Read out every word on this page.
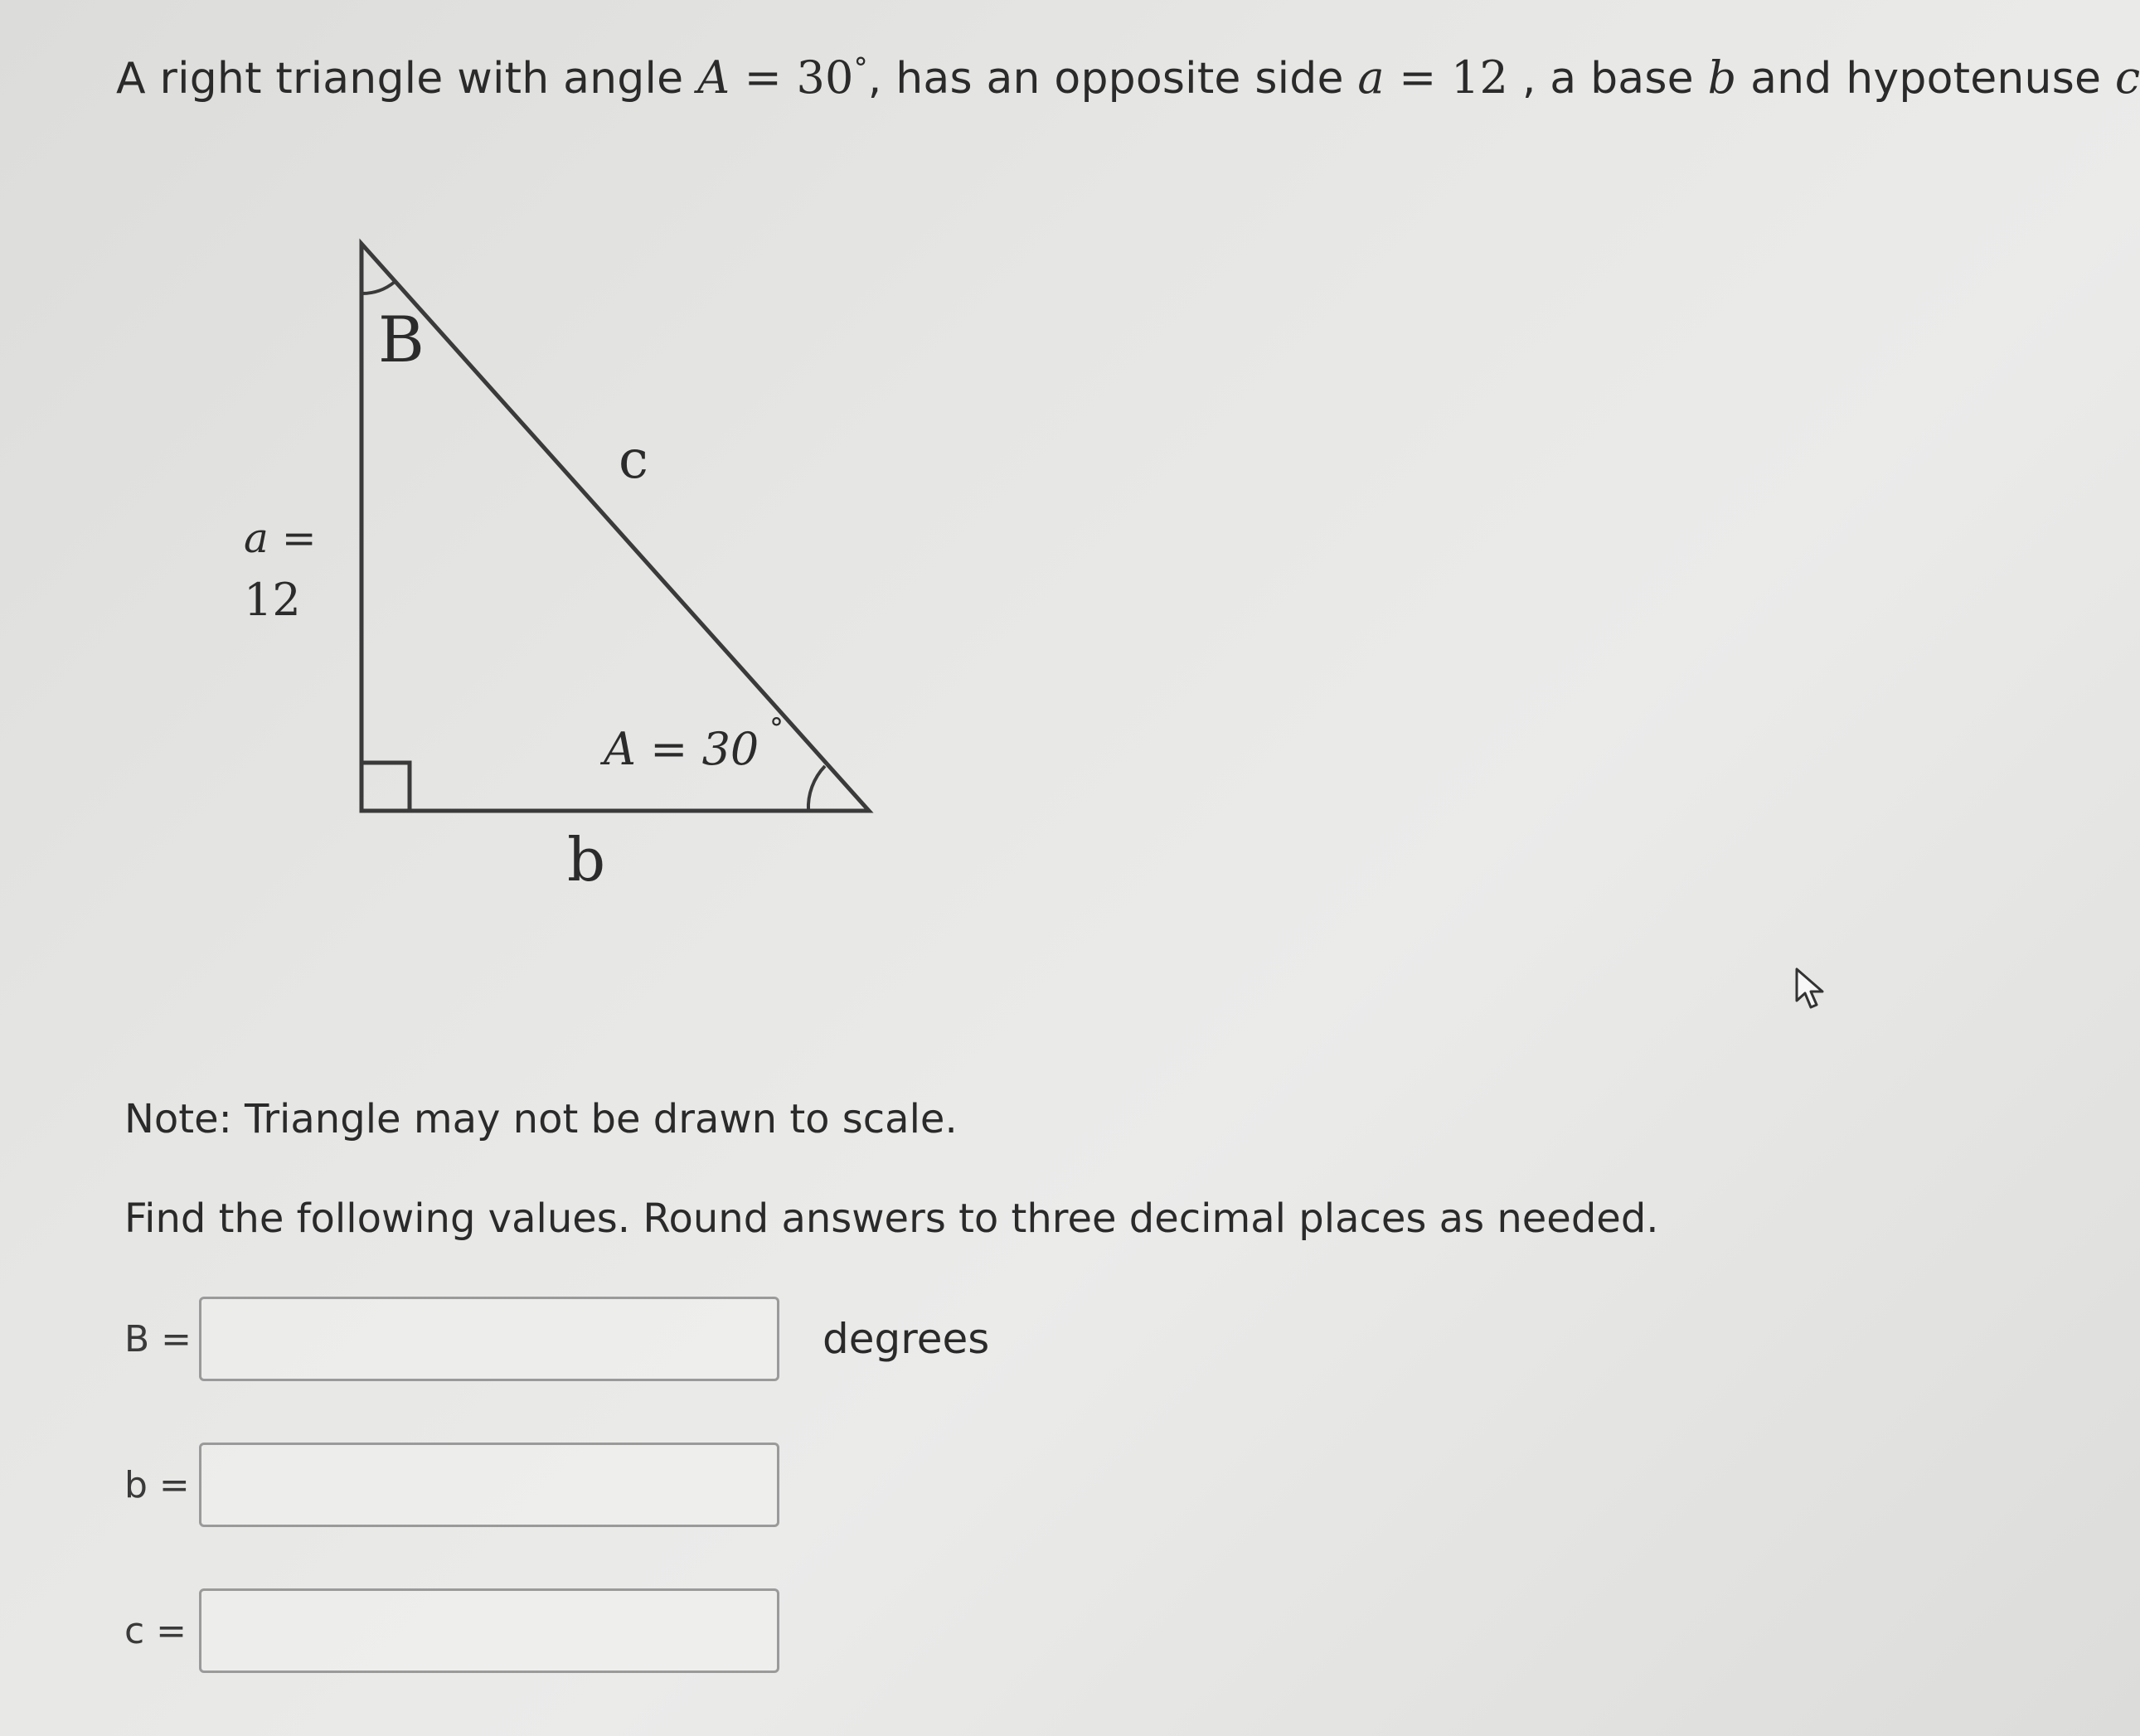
A right triangle with angle A = 30°, has an opposite side a = 12 , a base b and hypotenuse c
B
c
a =
12
A = 30 °
b
Note: Triangle may not be drawn to scale.
Find the following values. Round answers to three decimal places as needed.
B =	degrees
b =
c =
